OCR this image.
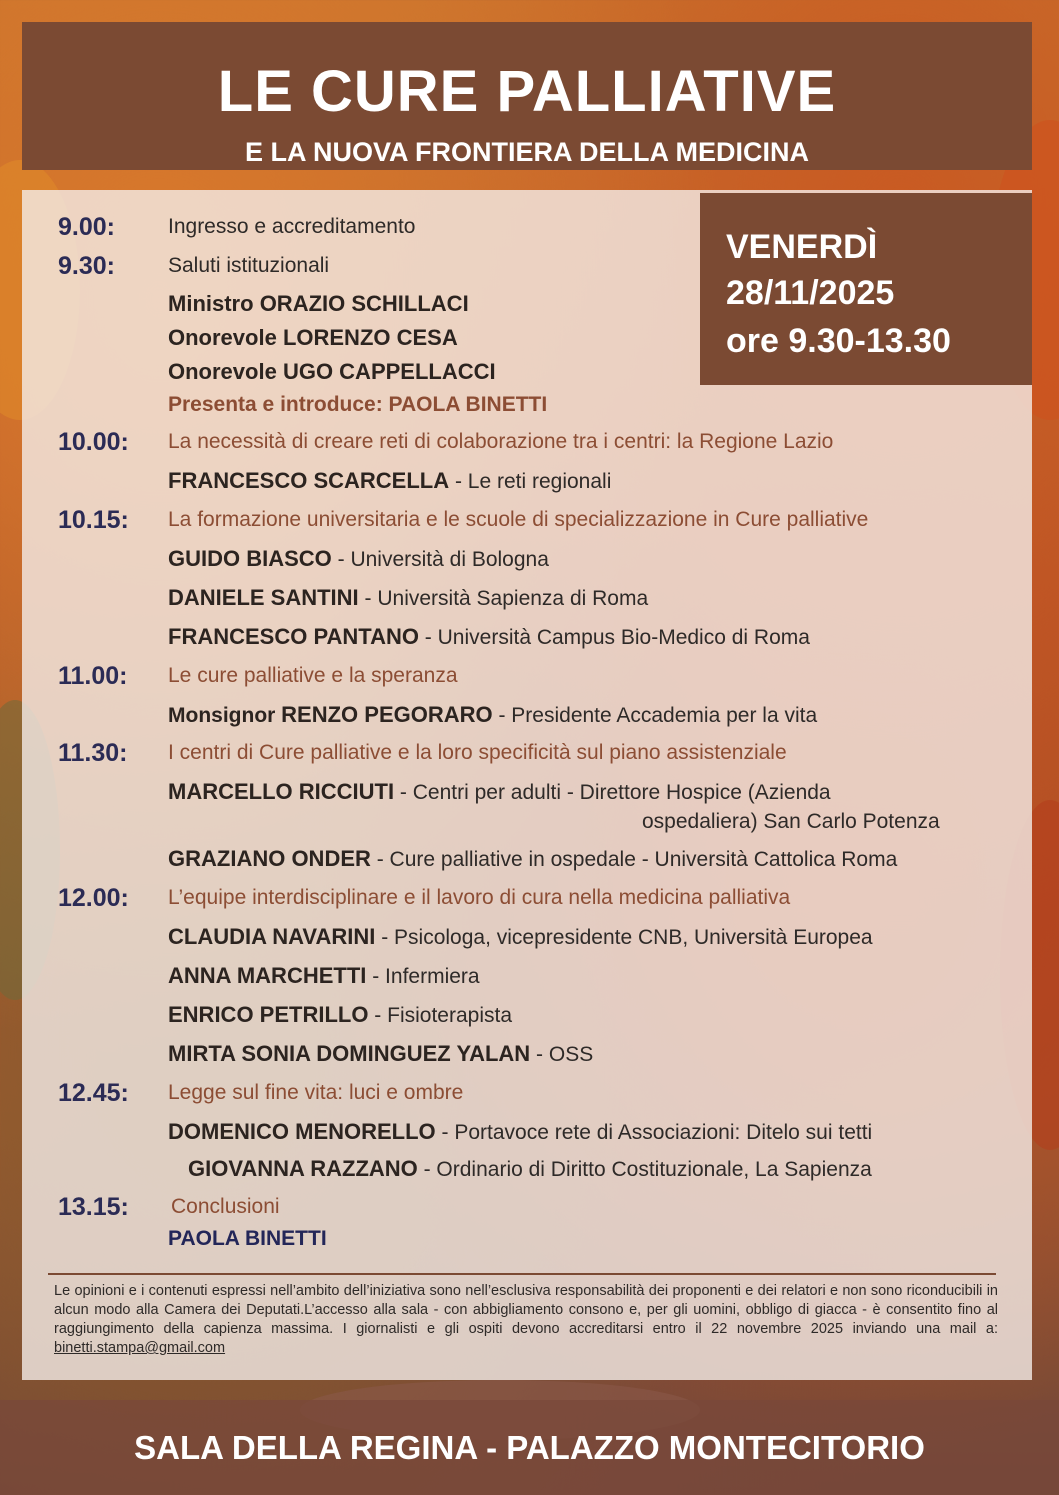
LE CURE PALLIATIVE
E LA NUOVA FRONTIERA DELLA MEDICINA
VENERDÌ
28/11/2025
ore 9.30-13.30
9.00:	Ingresso e accreditamento
9.30:	Saluti istituzionali
Ministro ORAZIO SCHILLACI
Onorevole LORENZO CESA
Onorevole UGO CAPPELLACCI
Presenta e introduce: PAOLA BINETTI
10.00: La necessità di creare reti di colaborazione tra i centri: la Regione Lazio
FRANCESCO SCARCELLA - Le reti regionali
10.15: La formazione universitaria e le scuole di specializzazione in Cure palliative
GUIDO BIASCO - Università di Bologna
DANIELE SANTINI - Università Sapienza di Roma
FRANCESCO PANTANO - Università Campus Bio-Medico di Roma
11.00: Le cure palliative e la speranza
Monsignor RENZO PEGORARO - Presidente Accademia per la vita
11.30: I centri di Cure palliative e la loro specificità sul piano assistenziale
MARCELLO RICCIUTI - Centri per adulti - Direttore Hospice (Azienda
ospedaliera) San Carlo Potenza
GRAZIANO ONDER - Cure palliative in ospedale - Università Cattolica Roma
12.00: L’equipe interdisciplinare e il lavoro di cura nella medicina palliativa
CLAUDIA NAVARINI - Psicologa, vicepresidente CNB, Università Europea
ANNA MARCHETTI - Infermiera
ENRICO PETRILLO - Fisioterapista
MIRTA SONIA DOMINGUEZ YALAN - OSS
12.45: Legge sul fine vita: luci e ombre
DOMENICO MENORELLO - Portavoce rete di Associazioni: Ditelo sui tetti
GIOVANNA RAZZANO - Ordinario di Diritto Costituzionale, La Sapienza
13.15: Conclusioni
PAOLA BINETTI
Le opinioni e i contenuti espressi nell’ambito dell’iniziativa sono nell’esclusiva responsabilità dei proponenti e dei relatori e non sono riconducibili in alcun modo alla Camera dei Deputati.L’accesso alla sala - con abbigliamento consono e, per gli uomini, obbligo di giacca - è consentito fino al raggiungimento della capienza massima. I giornalisti e gli ospiti devono accreditarsi entro il 22 novembre 2025 inviando una mail a: binetti.stampa@gmail.com
SALA DELLA REGINA - PALAZZO MONTECITORIO
